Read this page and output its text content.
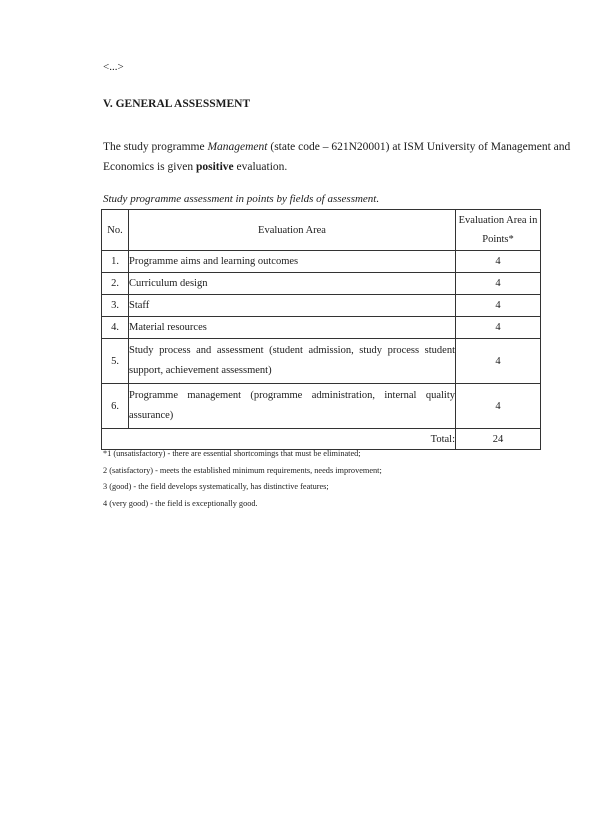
<...>
V. GENERAL ASSESSMENT
The study programme Management (state code – 621N20001) at ISM University of Management and Economics is given positive evaluation.
Study programme assessment in points by fields of assessment.
No.	Evaluation Area	Evaluation Area in Points*
1.	Programme aims and learning outcomes	4
2.	Curriculum design	4
3.	Staff	4
4.	Material resources	4
5.	Study process and assessment (student admission, study process student support, achievement assessment)	4
6.	Programme management (programme administration, internal quality assurance)	4
Total:		24
*1 (unsatisfactory) - there are essential shortcomings that must be eliminated;
2 (satisfactory) - meets the established minimum requirements, needs improvement;
3 (good) - the field develops systematically, has distinctive features;
4 (very good) - the field is exceptionally good.
